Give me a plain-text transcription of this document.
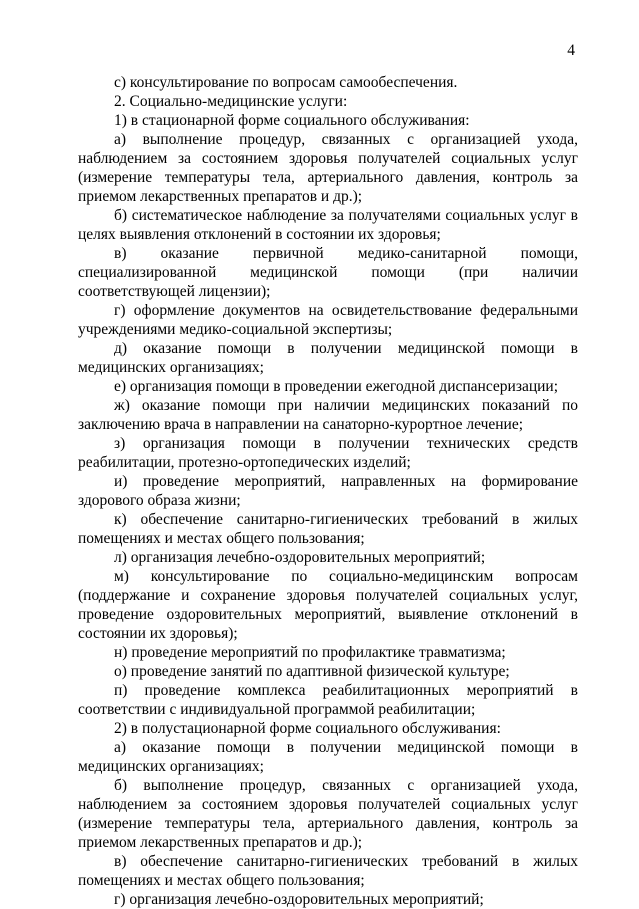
4

с) консультирование по вопросам самообеспечения.

2. Социально-медицинские услуги:

1) в стационарной форме социального обслуживания:

а) выполнение процедур, связанных с организацией ухода, наблюдением за состоянием здоровья получателей социальных услуг (измерение температуры тела, артериального давления, контроль за приемом лекарственных препаратов и др.);

б) систематическое наблюдение за получателями социальных услуг в целях выявления отклонений в состоянии их здоровья;

в) оказание первичной медико-санитарной помощи, специализированной медицинской помощи (при наличии соответствующей лицензии);

г) оформление документов на освидетельствование федеральными учреждениями медико-социальной экспертизы;

д) оказание помощи в получении медицинской помощи в медицинских организациях;

е) организация помощи в проведении ежегодной диспансеризации;

ж) оказание помощи при наличии медицинских показаний по заключению врача в направлении на санаторно-курортное лечение;

з) организация помощи в получении технических средств реабилитации, протезно-ортопедических изделий;

и) проведение мероприятий, направленных на формирование здорового образа жизни;

к) обеспечение санитарно-гигиенических требований в жилых помещениях и местах общего пользования;

л) организация лечебно-оздоровительных мероприятий;

м) консультирование по социально-медицинским вопросам (поддержание и сохранение здоровья получателей социальных услуг, проведение оздоровительных мероприятий, выявление отклонений в состоянии их здоровья);

н) проведение мероприятий по профилактике травматизма;

о) проведение занятий по адаптивной физической культуре;

п) проведение комплекса реабилитационных мероприятий в соответствии с индивидуальной программой реабилитации;

2) в полустационарной форме социального обслуживания:

а) оказание помощи в получении медицинской помощи в медицинских организациях;

б) выполнение процедур, связанных с организацией ухода, наблюдением за состоянием здоровья получателей социальных услуг (измерение температуры тела, артериального давления, контроль за приемом лекарственных препаратов и др.);

в) обеспечение санитарно-гигиенических требований в жилых помещениях и местах общего пользования;

г) организация лечебно-оздоровительных мероприятий;
